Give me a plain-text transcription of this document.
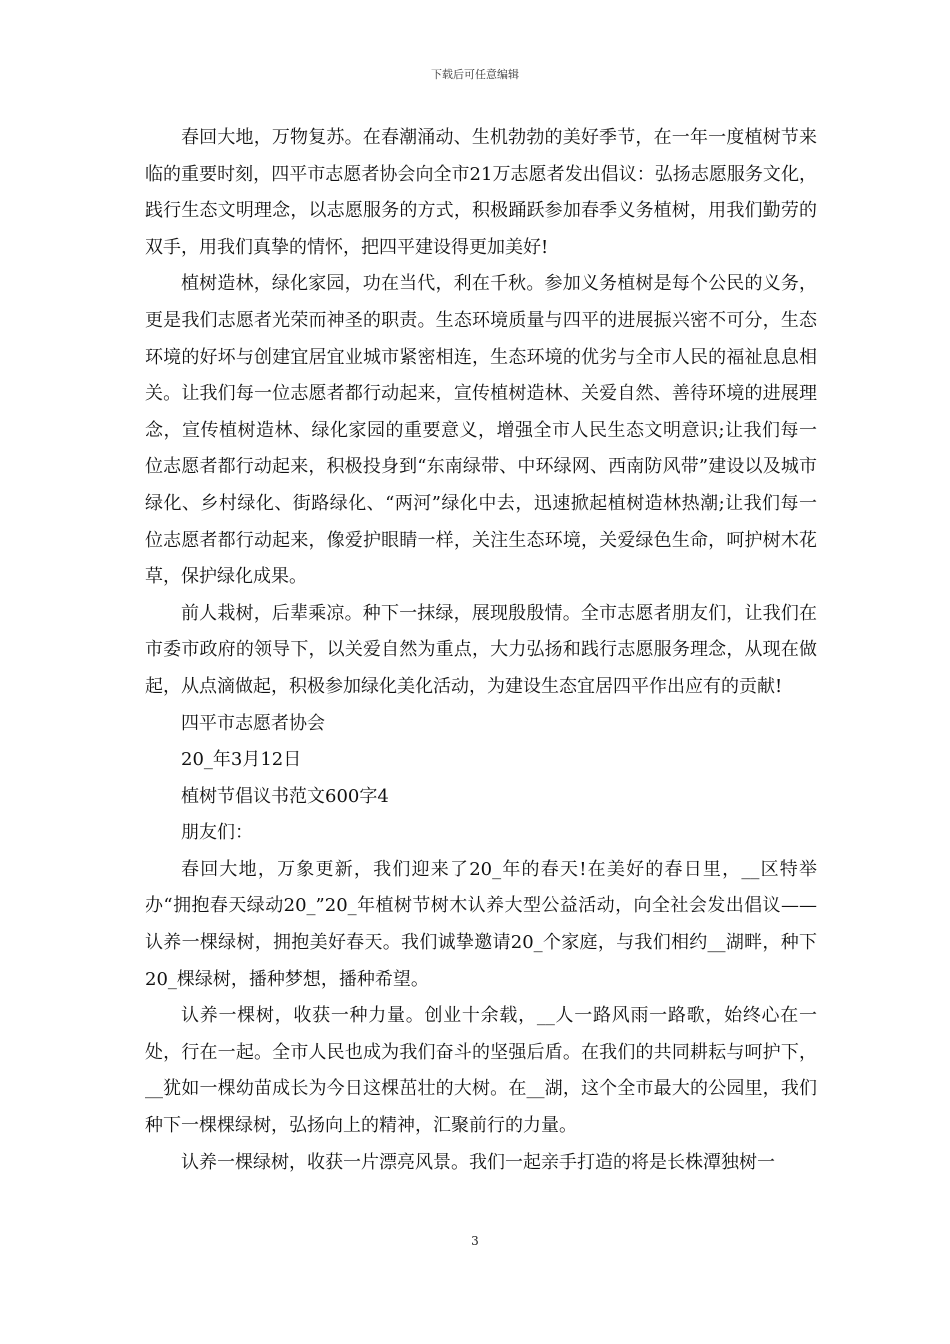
下载后可任意编辑

春回大地，万物复苏。在春潮涌动、生机勃勃的美好季节，在一年一度植树节来临的重要时刻，四平市志愿者协会向全市21万志愿者发出倡议：弘扬志愿服务文化，践行生态文明理念，以志愿服务的方式，积极踊跃参加春季义务植树，用我们勤劳的双手，用我们真挚的情怀，把四平建设得更加美好!

植树造林，绿化家园，功在当代，利在千秋。参加义务植树是每个公民的义务，更是我们志愿者光荣而神圣的职责。生态环境质量与四平的进展振兴密不可分，生态环境的好坏与创建宜居宜业城市紧密相连，生态环境的优劣与全市人民的福祉息息相关。让我们每一位志愿者都行动起来，宣传植树造林、关爱自然、善待环境的进展理念，宣传植树造林、绿化家园的重要意义，增强全市人民生态文明意识;让我们每一位志愿者都行动起来，积极投身到“东南绿带、中环绿网、西南防风带”建设以及城市绿化、乡村绿化、街路绿化、“两河”绿化中去，迅速掀起植树造林热潮;让我们每一位志愿者都行动起来，像爱护眼睛一样，关注生态环境，关爱绿色生命，呵护树木花草，保护绿化成果。

前人栽树，后辈乘凉。种下一抹绿，展现殷殷情。全市志愿者朋友们，让我们在市委市政府的领导下，以关爱自然为重点，大力弘扬和践行志愿服务理念，从现在做起，从点滴做起，积极参加绿化美化活动，为建设生态宜居四平作出应有的贡献!

四平市志愿者协会

20_年3月12日

植树节倡议书范文600字4

朋友们：

春回大地，万象更新，我们迎来了20_年的春天!在美好的春日里，__区特举办“拥抱春天绿动20_”20_年植树节树木认养大型公益活动，向全社会发出倡议——认养一棵绿树，拥抱美好春天。我们诚挚邀请20_个家庭，与我们相约__湖畔，种下20_棵绿树，播种梦想，播种希望。

认养一棵树，收获一种力量。创业十余载，__人一路风雨一路歌，始终心在一处，行在一起。全市人民也成为我们奋斗的坚强后盾。在我们的共同耕耘与呵护下，__犹如一棵幼苗成长为今日这棵茁壮的大树。在__湖，这个全市最大的公园里，我们种下一棵棵绿树，弘扬向上的精神，汇聚前行的力量。

认养一棵绿树，收获一片漂亮风景。我们一起亲手打造的将是长株潭独树一

3
